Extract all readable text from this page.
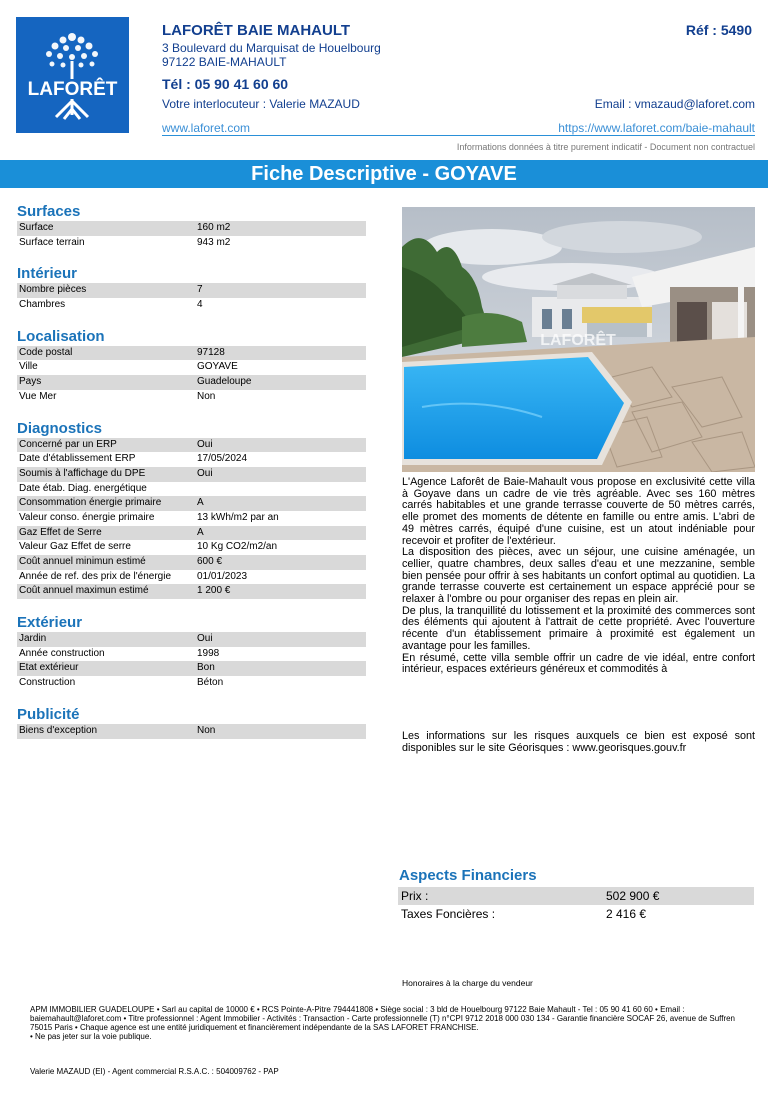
LAFORÊT
LAFORÊT BAIE MAHAULT	Réf : 5490
3 Boulevard du Marquisat de Houelbourg
97122 BAIE-MAHAULT
Tél : 05 90 41 60 60
Votre interlocuteur : Valerie MAZAUD	Email : vmazaud@laforet.com
www.laforet.com	https://www.laforet.com/baie-mahault
Informations données à titre purement indicatif - Document non contractuel
Fiche Descriptive - GOYAVE
Surfaces
Surface	160 m2
Surface terrain	943 m2
Intérieur
Nombre pièces	7
Chambres	4
Localisation
Code postal	97128
Ville	GOYAVE
Pays	Guadeloupe
Vue Mer	Non
Diagnostics
Concerné par un ERP	Oui
Date d'établissement ERP	17/05/2024
Soumis à l'affichage du DPE	Oui
Date étab. Diag. energétique
Consommation énergie primaire	A
Valeur conso. énergie primaire	13 kWh/m2 par an
Gaz Effet de Serre	A
Valeur Gaz Effet de serre	10 Kg CO2/m2/an
Coût annuel minimun estimé	600 €
Année de ref. des prix de l'énergie	01/01/2023
Coût annuel maximun estimé	1 200 €
Extérieur
Jardin	Oui
Année construction	1998
Etat extérieur	Bon
Construction	Béton
Publicité
Biens d'exception	Non
LAFORÊT

L'Agence Laforêt de Baie-Mahault vous propose en exclusivité cette villa à Goyave dans un cadre de vie très agréable. Avec ses 160 mètres carrés habitables et une grande terrasse couverte de 50 mètres carrés, elle promet des moments de détente en famille ou entre amis. L'abri de 49 mètres carrés, équipé d'une cuisine, est un atout indéniable pour recevoir et profiter de l'extérieur.

La disposition des pièces, avec un séjour, une cuisine aménagée, un cellier, quatre chambres, deux salles d'eau et une mezzanine, semble bien pensée pour offrir à ses habitants un confort optimal au quotidien. La grande terrasse couverte est certainement un espace apprécié pour se relaxer à l'ombre ou pour organiser des repas en plein air.

De plus, la tranquillité du lotissement et la proximité des commerces sont des éléments qui ajoutent à l'attrait de cette propriété. Avec l'ouverture récente d'un établissement primaire à proximité est également un avantage pour les familles.

En résumé, cette villa semble offrir un cadre de vie idéal, entre confort intérieur, espaces extérieurs généreux et commodités à

Les informations sur les risques auxquels ce bien est exposé sont disponibles sur le site Géorisques : www.georisques.gouv.fr
Aspects Financiers
Prix :	502 900 €
Taxes Foncières :	2 416 €
Honoraires à la charge du vendeur
APM IMMOBILIER GUADELOUPE • Sarl au capital de 10000 € • RCS Pointe-A-Pitre 794441808 • Siège social : 3 bld de Houelbourg 97122 Baie Mahault - Tel : 05 90 41 60 60 • Email : baiemahault@laforet.com • Titre professionnel : Agent Immobilier - Activités : Transaction - Carte professionnelle (T) n°CPI 9712 2018 000 030 134 - Garantie financière SOCAF 26, avenue de Suffren 75015 Paris • Chaque agence est une entité juridiquement et financièrement indépendante de la SAS LAFORET FRANCHISE.
• Ne pas jeter sur la voie publique.
Valerie MAZAUD (EI) - Agent commercial R.S.A.C. : 504009762 - PAP
